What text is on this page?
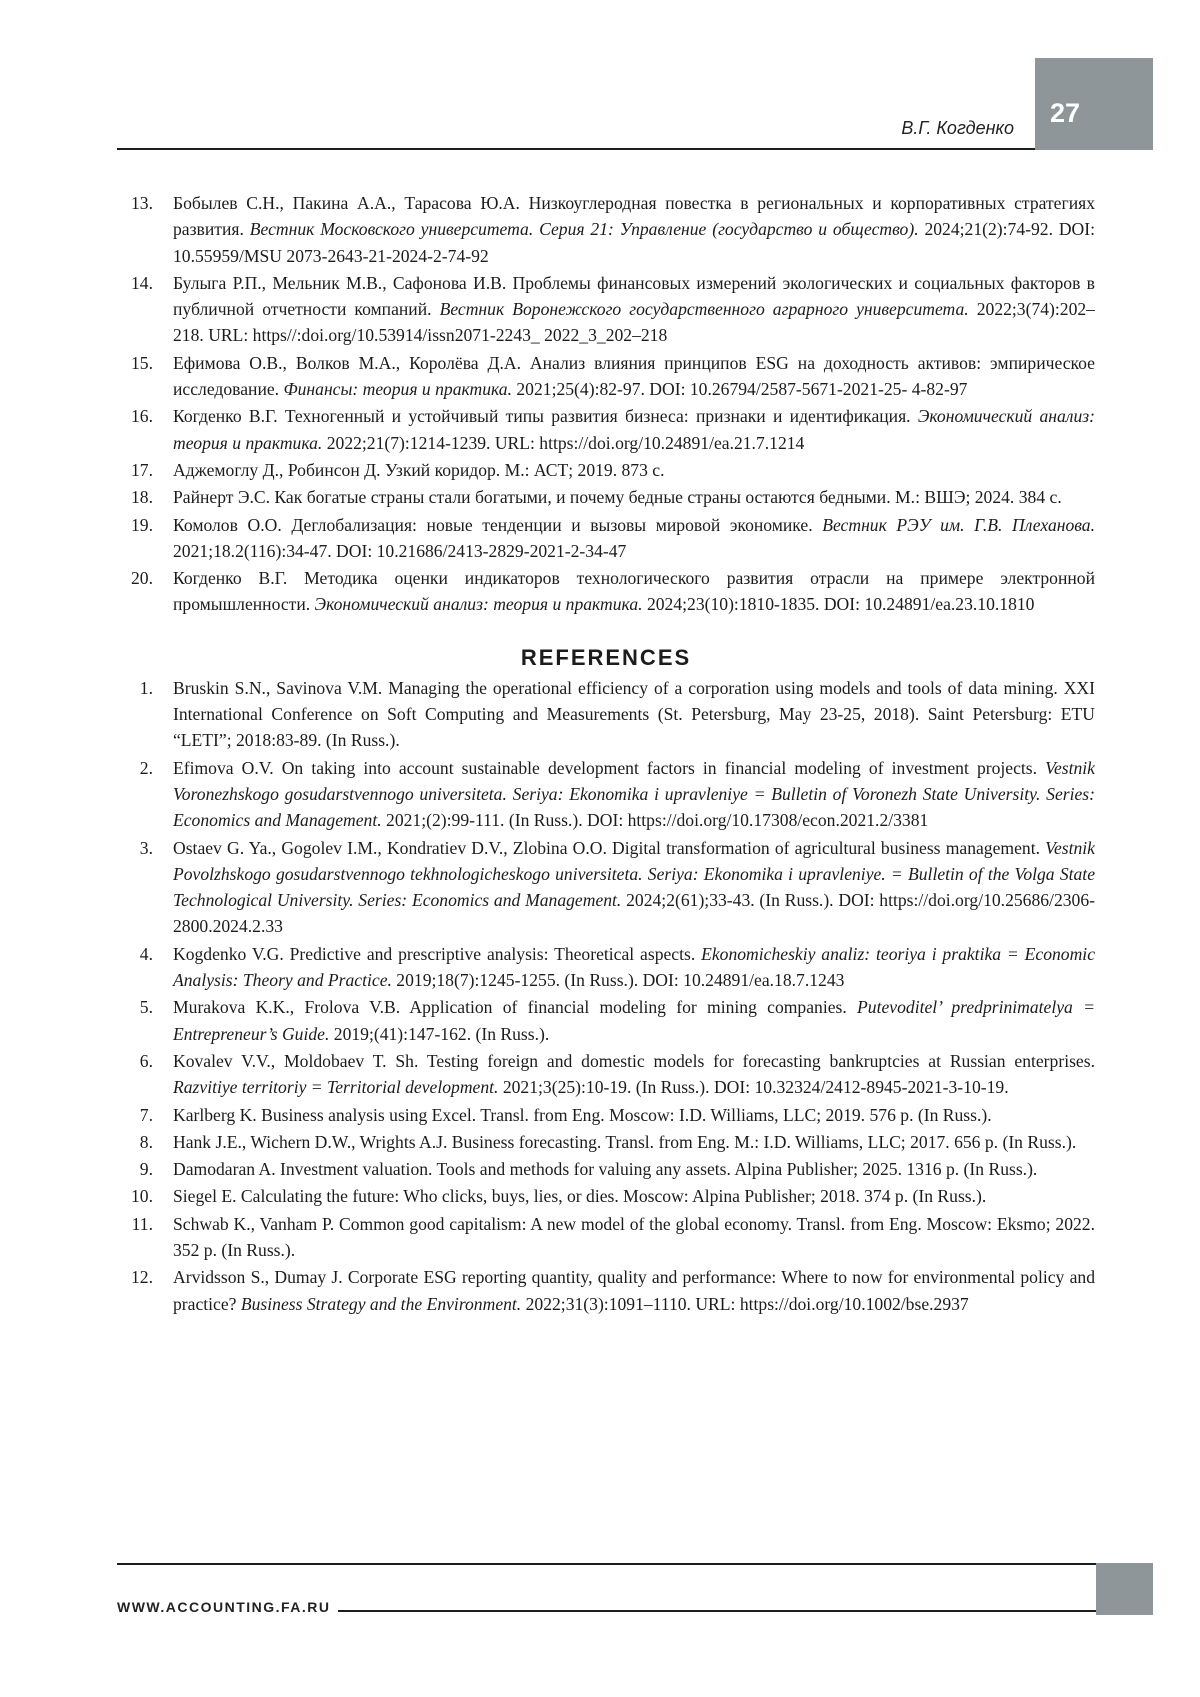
В.Г. Когденко 27
13. Бобылев С.Н., Пакина А.А., Тарасова Ю.А. Низкоуглеродная повестка в региональных и корпоративных стратегиях развития. Вестник Московского университета. Серия 21: Управление (государство и общество). 2024;21(2):74-92. DOI: 10.55959/MSU 2073-2643-21-2024-2-74-92
14. Булыга Р.П., Мельник М.В., Сафонова И.В. Проблемы финансовых измерений экологических и социальных факторов в публичной отчетности компаний. Вестник Воронежского государственного аграрного университета. 2022;3(74):202–218. URL: https//:doi.org/10.53914/issn2071-2243_ 2022_3_202–218
15. Ефимова О.В., Волков М.А., Королёва Д.А. Анализ влияния принципов ESG на доходность активов: эмпирическое исследование. Финансы: теория и практика. 2021;25(4):82-97. DOI: 10.26794/2587-5671-2021-25- 4-82-97
16. Когденко В.Г. Техногенный и устойчивый типы развития бизнеса: признаки и идентификация. Экономический анализ: теория и практика. 2022;21(7):1214-1239. URL: https://doi.org/10.24891/ea.21.7.1214
17. Аджемоглу Д., Робинсон Д. Узкий коридор. М.: АСТ; 2019. 873 с.
18. Райнерт Э.С. Как богатые страны стали богатыми, и почему бедные страны остаются бедными. М.: ВШЭ; 2024. 384 с.
19. Комолов О.О. Деглобализация: новые тенденции и вызовы мировой экономике. Вестник РЭУ им. Г.В. Плеханова. 2021;18.2(116):34-47. DOI: 10.21686/2413-2829-2021-2-34-47
20. Когденко В.Г. Методика оценки индикаторов технологического развития отрасли на примере электронной промышленности. Экономический анализ: теория и практика. 2024;23(10):1810-1835. DOI: 10.24891/ea.23.10.1810
REFERENCES
1. Bruskin S.N., Savinova V.M. Managing the operational efficiency of a corporation using models and tools of data mining. XXI International Conference on Soft Computing and Measurements (St. Petersburg, May 23-25, 2018). Saint Petersburg: ETU “LETI”; 2018:83-89. (In Russ.).
2. Efimova O.V. On taking into account sustainable development factors in financial modeling of investment projects. Vestnik Voronezhskogo gosudarstvennogo universiteta. Seriya: Ekonomika i upravleniye = Bulletin of Voronezh State University. Series: Economics and Management. 2021;(2):99-111. (In Russ.). DOI: https://doi.org/10.17308/econ.2021.2/3381
3. Ostaev G. Ya., Gogolev I.M., Kondratiev D.V., Zlobina O.O. Digital transformation of agricultural business management. Vestnik Povolzhskogo gosudarstvennogo tekhnologicheskogo universiteta. Seriya: Ekonomika i upravleniye. = Bulletin of the Volga State Technological University. Series: Economics and Management. 2024;2(61);33-43. (In Russ.). DOI: https://doi.org/10.25686/2306-2800.2024.2.33
4. Kogdenko V.G. Predictive and prescriptive analysis: Theoretical aspects. Ekonomicheskiy analiz: teoriya i praktika = Economic Analysis: Theory and Practice. 2019;18(7):1245-1255. (In Russ.). DOI: 10.24891/ea.18.7.1243
5. Murakova K.K., Frolova V.B. Application of financial modeling for mining companies. Putevoditel’ predprinimatelya = Entrepreneur’s Guide. 2019;(41):147-162. (In Russ.).
6. Kovalev V.V., Moldobaev T. Sh. Testing foreign and domestic models for forecasting bankruptcies at Russian enterprises. Razvitiye territoriy = Territorial development. 2021;3(25):10-19. (In Russ.). DOI: 10.32324/2412-8945-2021-3-10-19.
7. Karlberg K. Business analysis using Excel. Transl. from Eng. Moscow: I.D. Williams, LLC; 2019. 576 p. (In Russ.).
8. Hank J.E., Wichern D.W., Wrights A.J. Business forecasting. Transl. from Eng. M.: I.D. Williams, LLC; 2017. 656 p. (In Russ.).
9. Damodaran A. Investment valuation. Tools and methods for valuing any assets. Alpina Publisher; 2025. 1316 p. (In Russ.).
10. Siegel E. Calculating the future: Who clicks, buys, lies, or dies. Moscow: Alpina Publisher; 2018. 374 p. (In Russ.).
11. Schwab K., Vanham P. Common good capitalism: A new model of the global economy. Transl. from Eng. Moscow: Eksmo; 2022. 352 p. (In Russ.).
12. Arvidsson S., Dumay J. Corporate ESG reporting quantity, quality and performance: Where to now for environmental policy and practice? Business Strategy and the Environment. 2022;31(3):1091–1110. URL: https://doi.org/10.1002/bse.2937
WWW.ACCOUNTING.FA.RU
